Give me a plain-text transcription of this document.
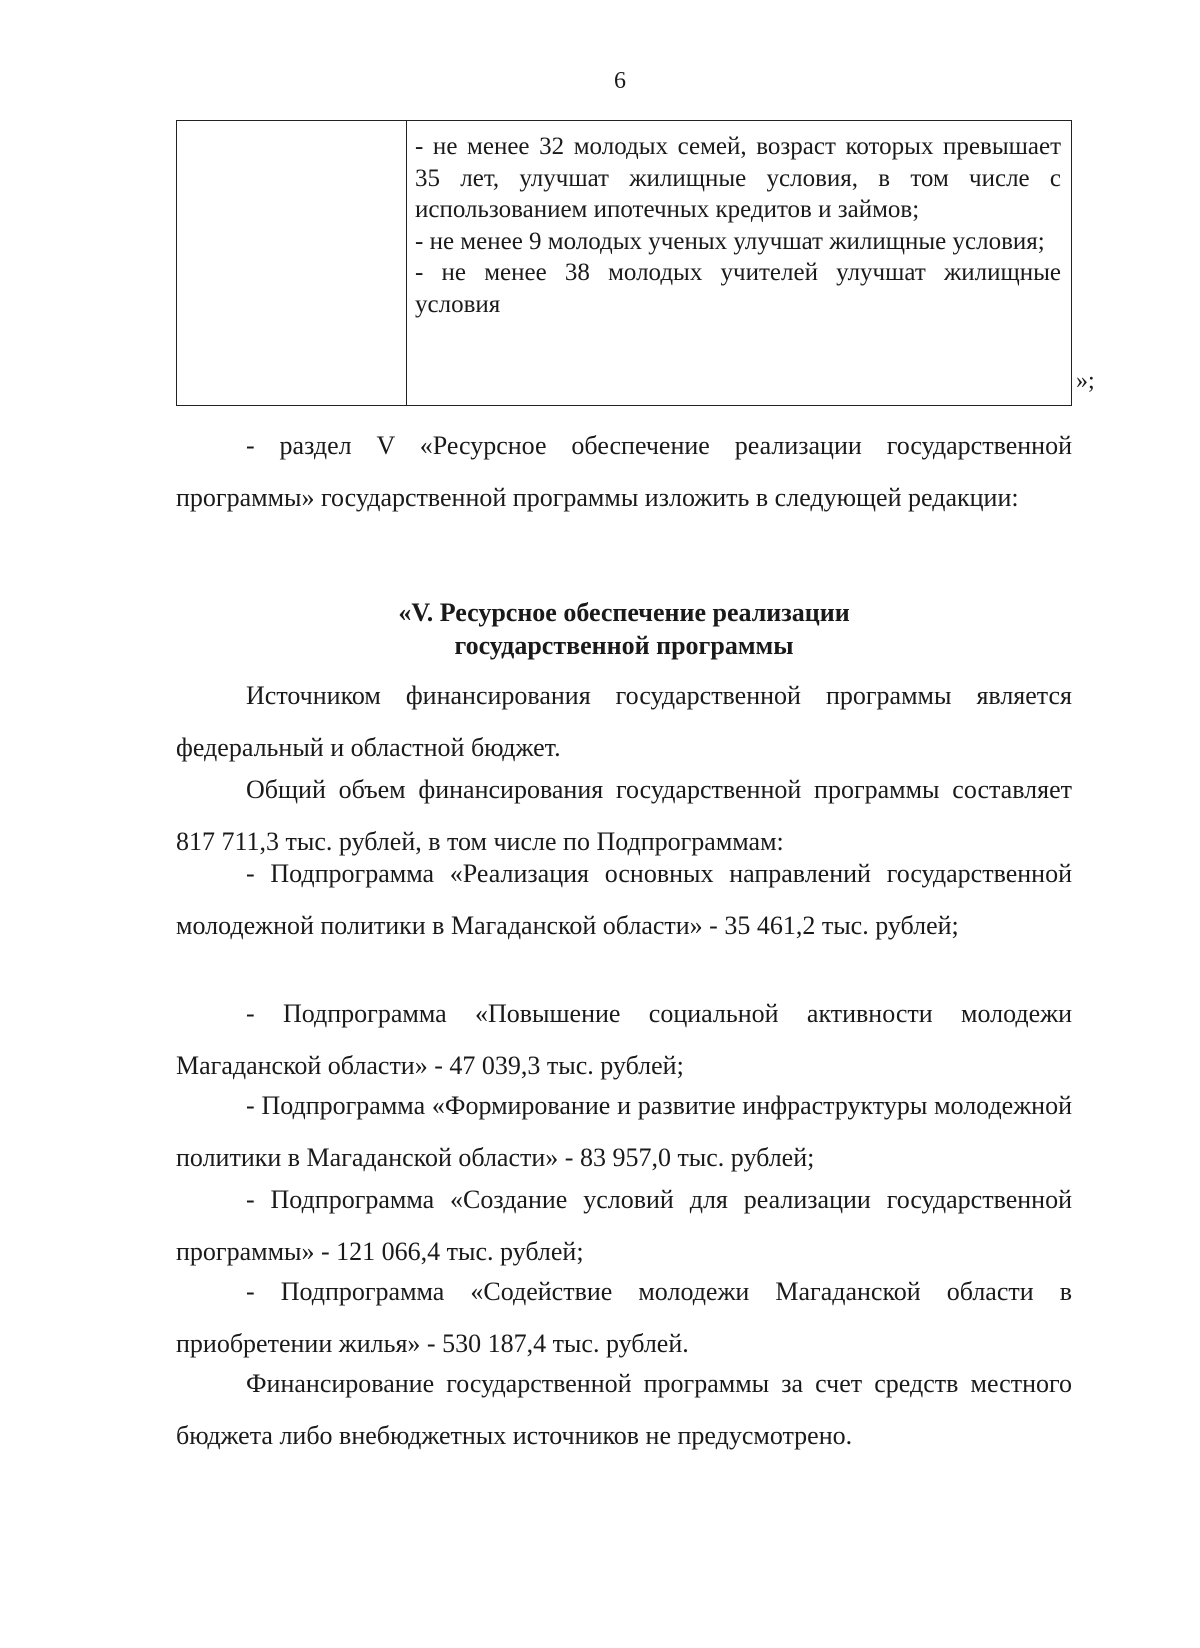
6

- не менее 32 молодых семей, возраст которых превышает 35 лет, улучшат жилищные условия, в том числе с использованием ипотечных кредитов и займов;

- не менее 9 молодых ученых улучшат жилищные условия;

- не менее 38 молодых учителей улучшат жилищные условия

»;

- раздел V «Ресурсное обеспечение реализации государственной программы» государственной программы изложить в следующей редакции:

«V. Ресурсное обеспечение реализации
государственной программы

Источником финансирования государственной программы является федеральный и областной бюджет.

Общий объем финансирования государственной программы составляет 817 711,3 тыс. рублей, в том числе по Подпрограммам:

- Подпрограмма «Реализация основных направлений государственной молодежной политики в Магаданской области» - 35 461,2 тыс. рублей;

- Подпрограмма «Повышение социальной активности молодежи Магаданской области» - 47 039,3 тыс. рублей;

- Подпрограмма «Формирование и развитие инфраструктуры молодежной политики в Магаданской области» - 83 957,0 тыс. рублей;

- Подпрограмма «Создание условий для реализации государственной программы» - 121 066,4 тыс. рублей;

- Подпрограмма «Содействие молодежи Магаданской области в приобретении жилья» - 530 187,4 тыс. рублей.

Финансирование государственной программы за счет средств местного бюджета либо внебюджетных источников не предусмотрено.
